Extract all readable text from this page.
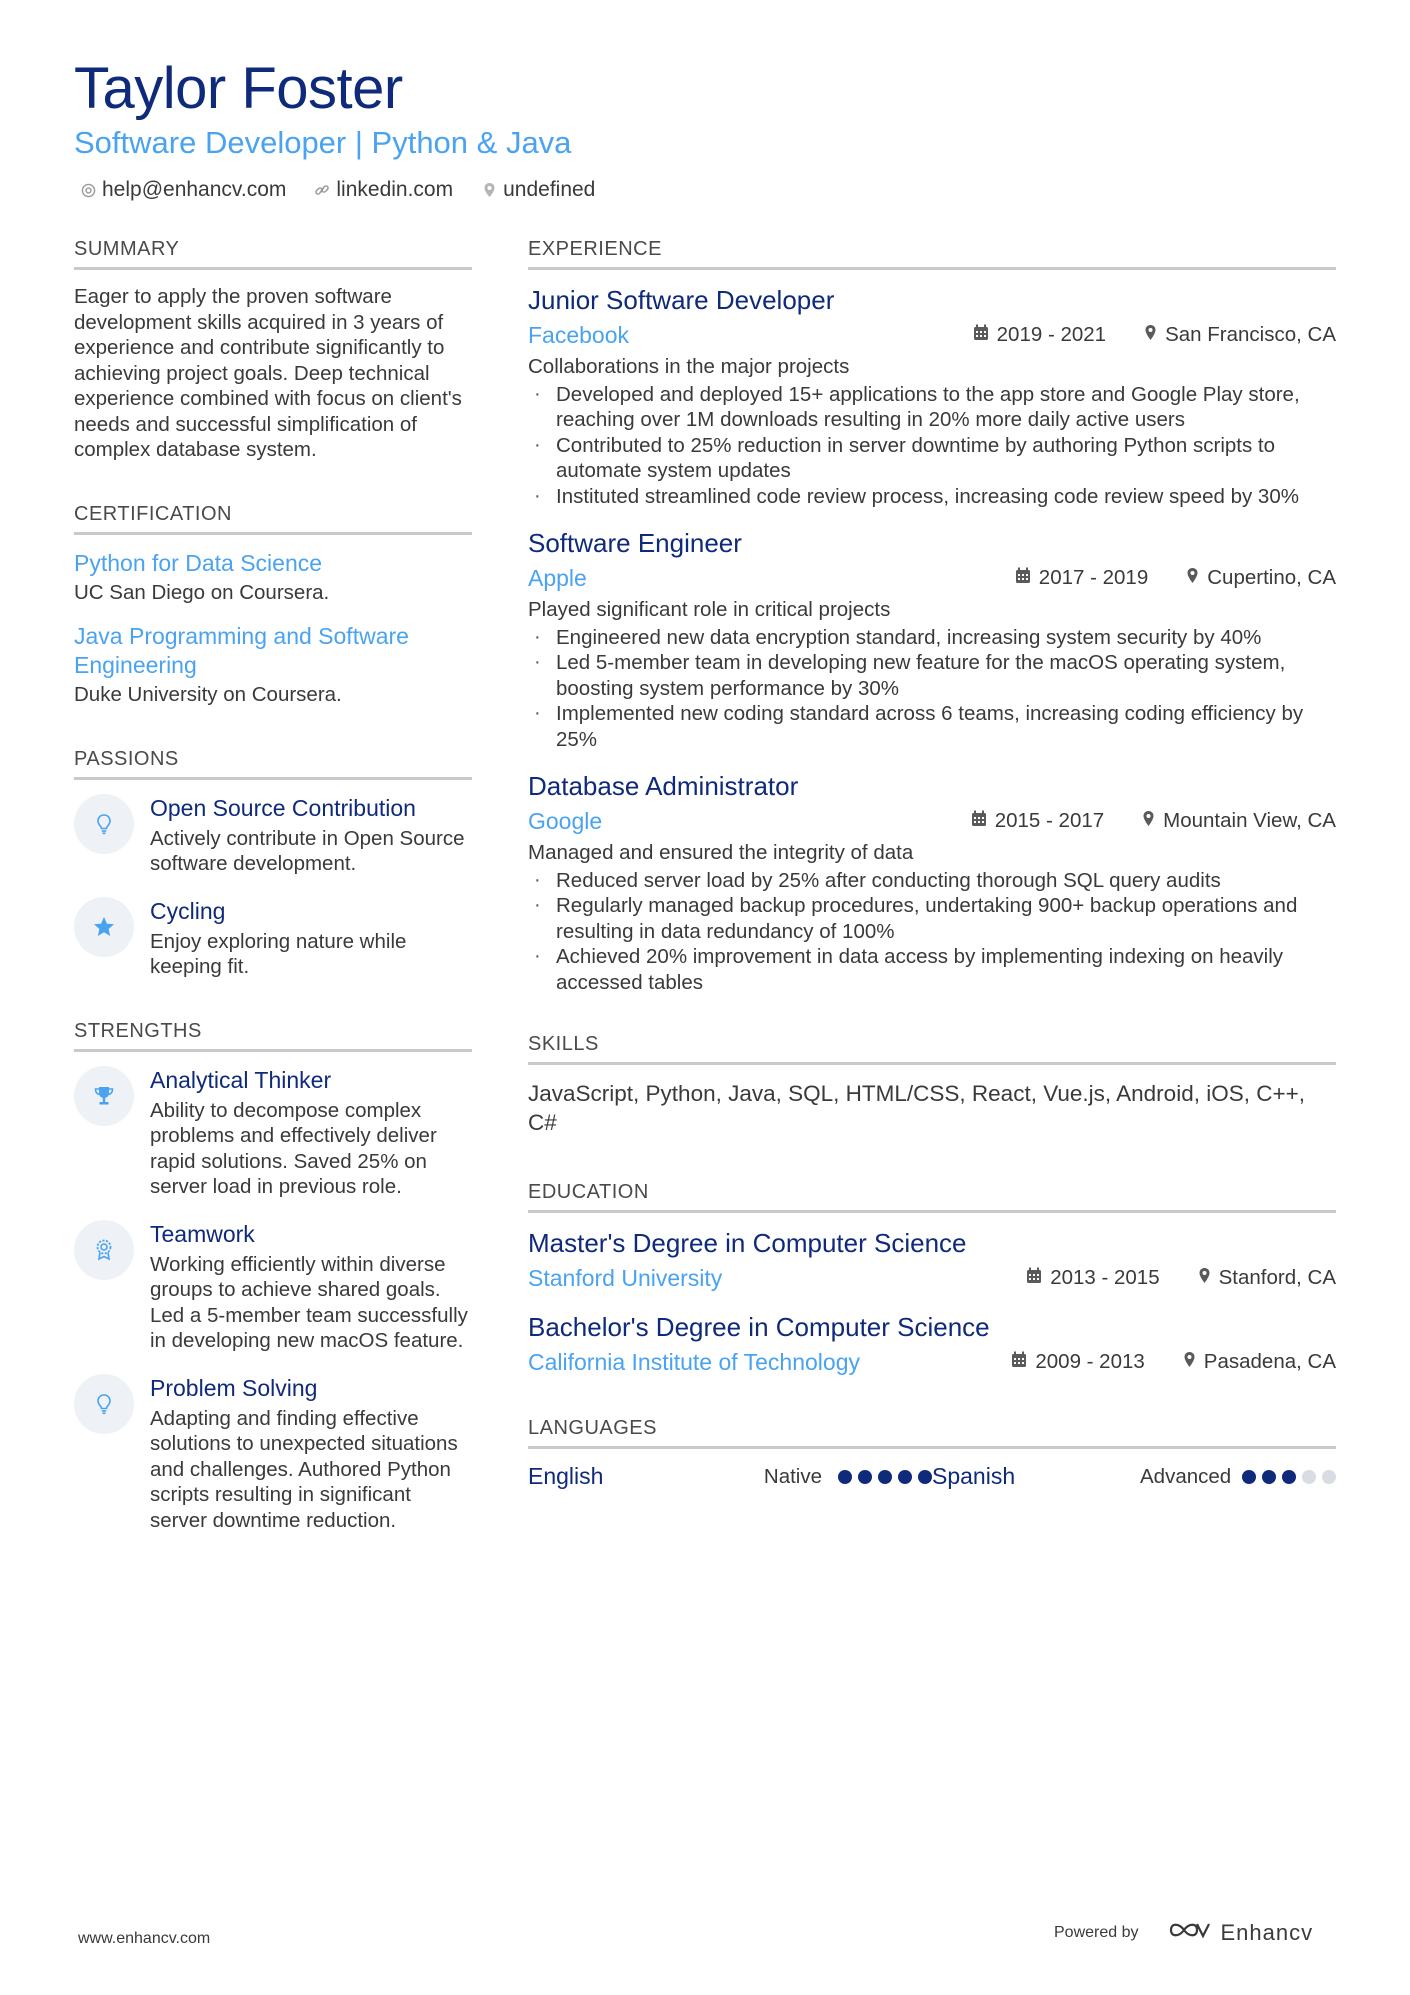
Taylor Foster
Software Developer | Python & Java
help@enhancv.com linkedin.com undefined
SUMMARY
Eager to apply the proven software development skills acquired in 3 years of experience and contribute significantly to achieving project goals. Deep technical experience combined with focus on client's needs and successful simplification of complex database system.
CERTIFICATION
Python for Data Science
UC San Diego on Coursera.
Java Programming and Software Engineering
Duke University on Coursera.
PASSIONS
Open Source Contribution
Actively contribute in Open Source software development.
Cycling
Enjoy exploring nature while keeping fit.
STRENGTHS
Analytical Thinker
Ability to decompose complex problems and effectively deliver rapid solutions. Saved 25% on server load in previous role.
Teamwork
Working efficiently within diverse groups to achieve shared goals. Led a 5-member team successfully in developing new macOS feature.
Problem Solving
Adapting and finding effective solutions to unexpected situations and challenges. Authored Python scripts resulting in significant server downtime reduction.
EXPERIENCE
Junior Software Developer
Facebook	2019 - 2021	San Francisco, CA
Collaborations in the major projects
· Developed and deployed 15+ applications to the app store and Google Play store, reaching over 1M downloads resulting in 20% more daily active users
· Contributed to 25% reduction in server downtime by authoring Python scripts to automate system updates
· Instituted streamlined code review process, increasing code review speed by 30%
Software Engineer
Apple	2017 - 2019	Cupertino, CA
Played significant role in critical projects
· Engineered new data encryption standard, increasing system security by 40%
· Led 5-member team in developing new feature for the macOS operating system, boosting system performance by 30%
· Implemented new coding standard across 6 teams, increasing coding efficiency by 25%
Database Administrator
Google	2015 - 2017	Mountain View, CA
Managed and ensured the integrity of data
· Reduced server load by 25% after conducting thorough SQL query audits
· Regularly managed backup procedures, undertaking 900+ backup operations and resulting in data redundancy of 100%
· Achieved 20% improvement in data access by implementing indexing on heavily accessed tables
SKILLS
JavaScript, Python, Java, SQL, HTML/CSS, React, Vue.js, Android, iOS, C++, C#
EDUCATION
Master's Degree in Computer Science
Stanford University	2013 - 2015	Stanford, CA
Bachelor's Degree in Computer Science
California Institute of Technology	2009 - 2013	Pasadena, CA
LANGUAGES
English	Native	Spanish	Advanced
www.enhancv.com	Powered by	Enhancv
